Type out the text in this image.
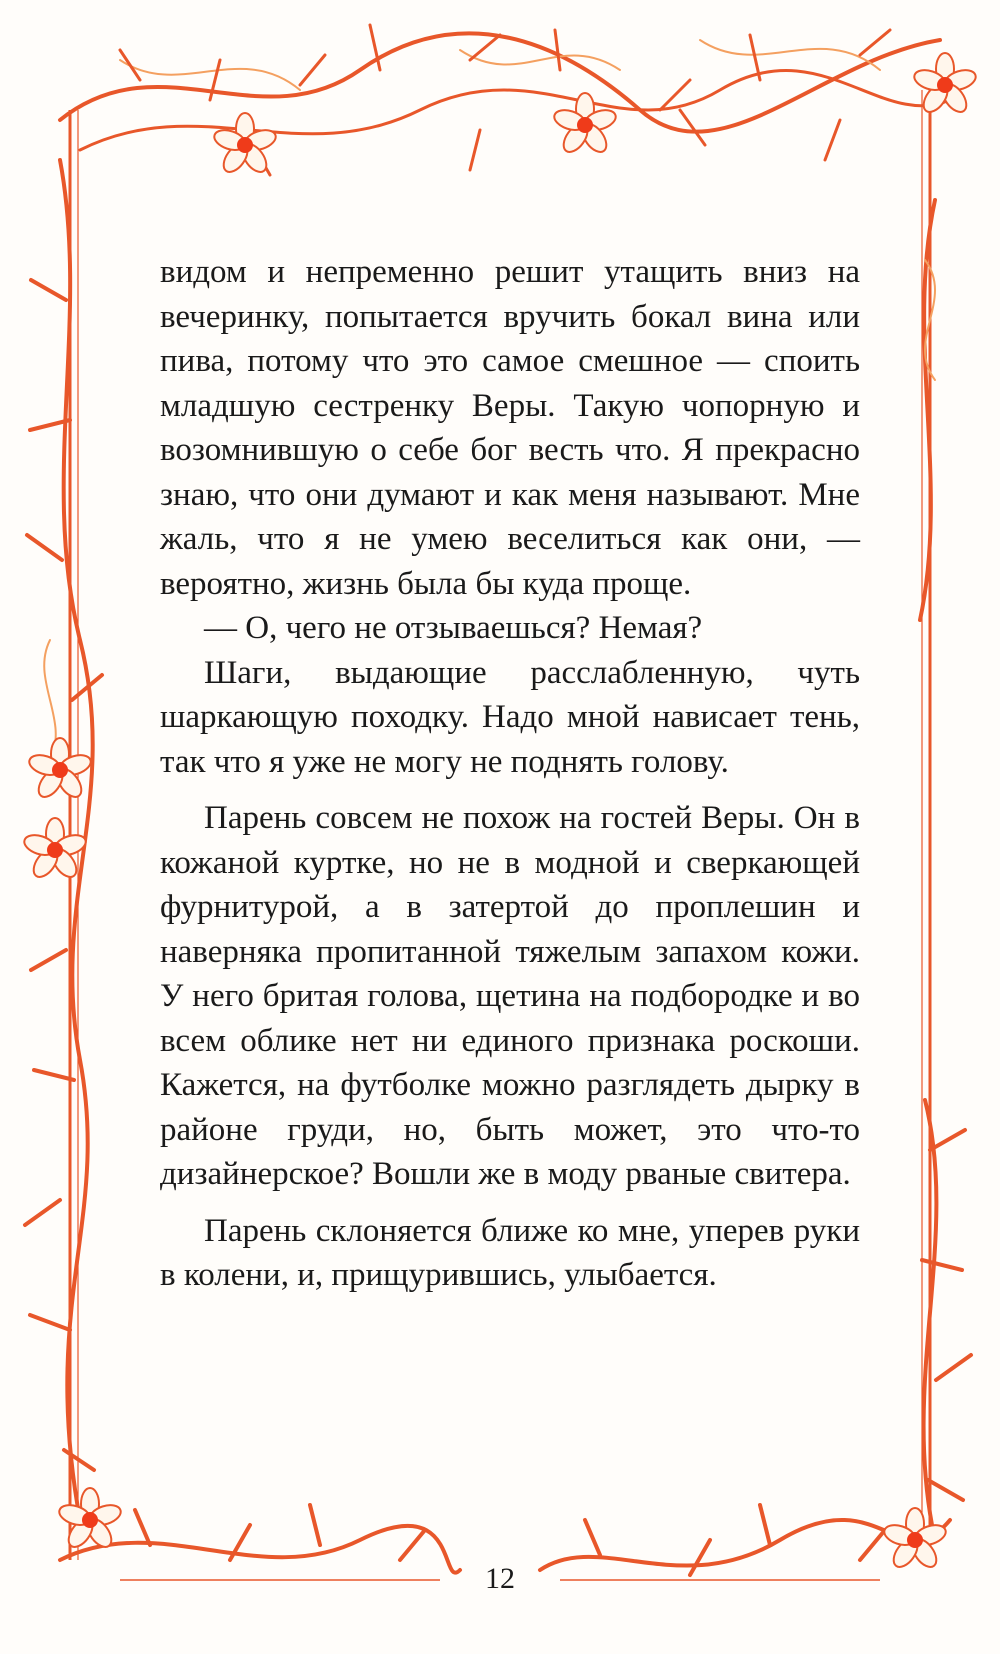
видом и непременно решит утащить вниз на вечеринку, попытается вручить бокал вина или пива, потому что это самое смешное — споить младшую сестренку Веры. Такую чопорную и возомнившую о себе бог весть что. Я прекрасно знаю, что они думают и как меня называют. Мне жаль, что я не умею веселиться как они, — вероятно, жизнь была бы куда проще.

— О, чего не отзываешься? Немая?

Шаги, выдающие расслабленную, чуть шаркающую походку. Надо мной нависает тень, так что я уже не могу не поднять голову.

Парень совсем не похож на гостей Веры. Он в кожаной куртке, но не в модной и сверкающей фурнитурой, а в затертой до проплешин и наверняка пропитанной тяжелым запахом кожи. У него бритая голова, щетина на подбородке и во всем облике нет ни единого признака роскоши. Кажется, на футболке можно разглядеть дырку в районе груди, но, быть может, это что-то дизайнерское? Вошли же в моду рваные свитера.

Парень склоняется ближе ко мне, уперев руки в колени, и, прищурившись, улыбается.

12
